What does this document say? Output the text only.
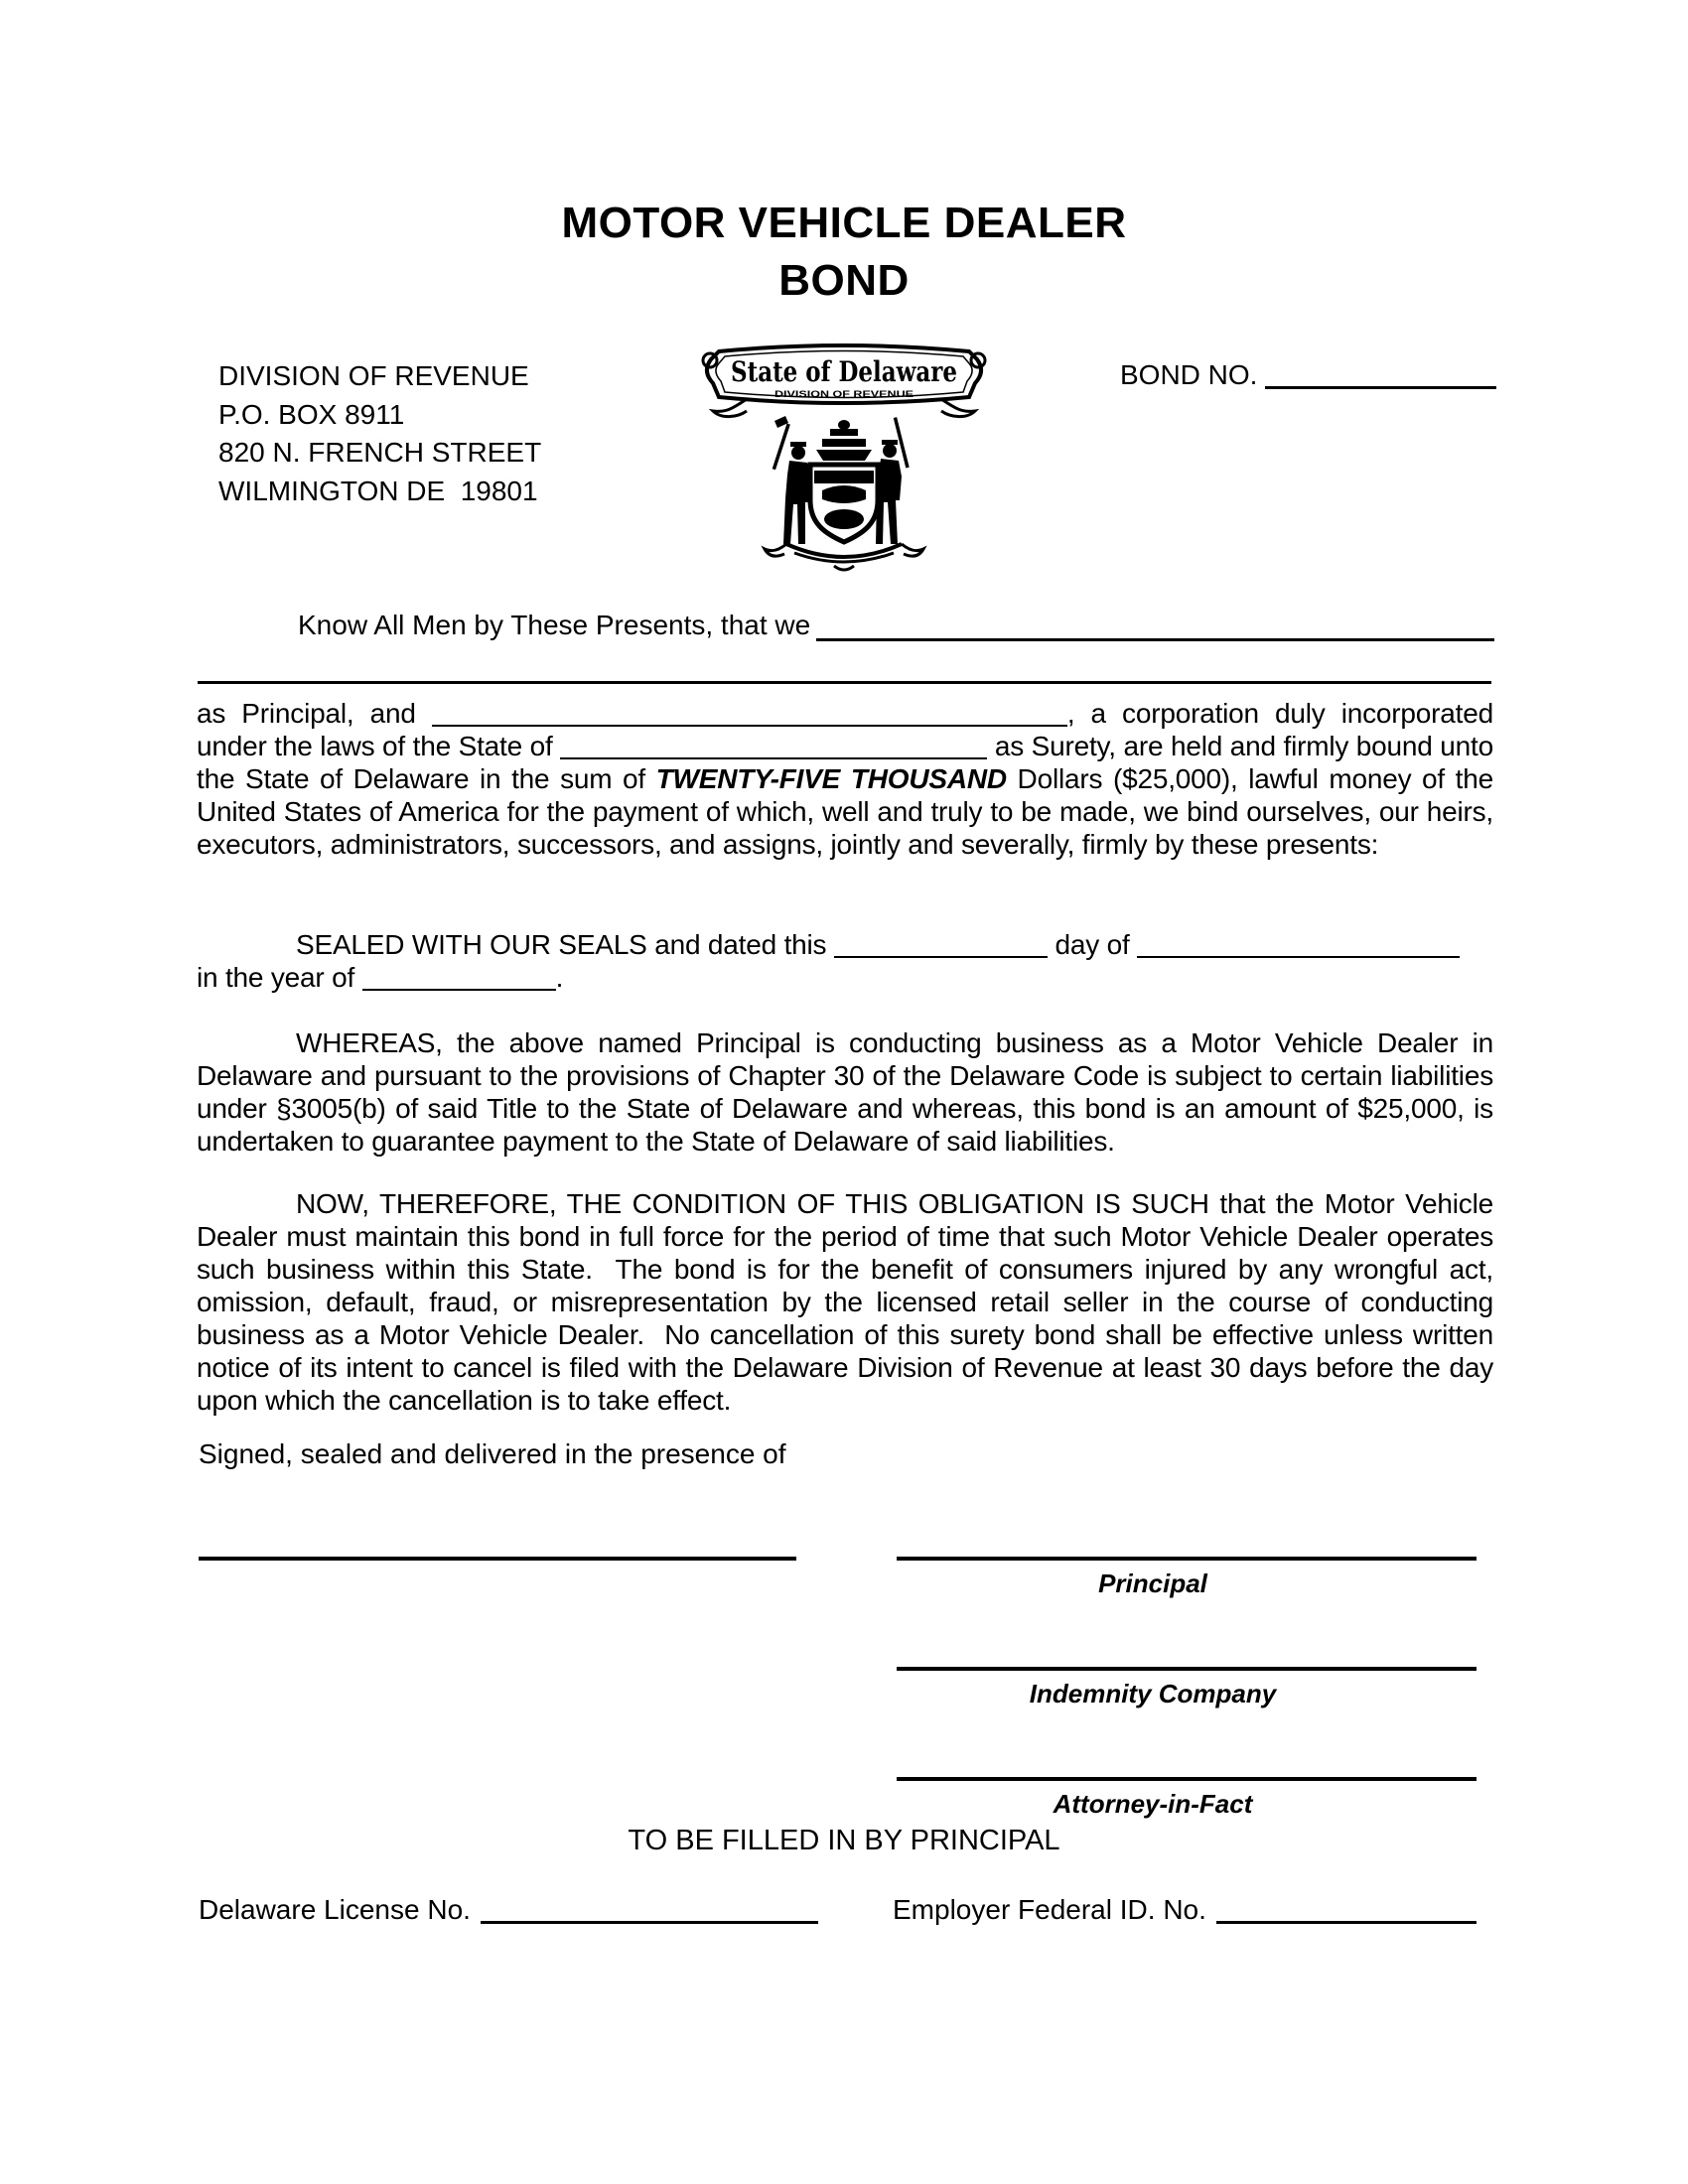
MOTOR VEHICLE DEALER
BOND
DIVISION OF REVENUE
P.O. BOX 8911
820 N. FRENCH STREET
WILMINGTON DE  19801
State of Delaware
DIVISION OF REVENUE
BOND NO.
Know All Men by These Presents, that we
as Principal, and	, a corporation duly incorporated under the laws of the State of	as Surety, are held and firmly bound unto the State of Delaware in the sum of TWENTY-FIVE THOUSAND Dollars ($25,000), lawful money of the United States of America for the payment of which, well and truly to be made, we bind ourselves, our heirs, executors, administrators, successors, and assigns, jointly and severally, firmly by these presents:
SEALED WITH OUR SEALS and dated this	day of
in the year of	.
WHEREAS, the above named Principal is conducting business as a Motor Vehicle Dealer in Delaware and pursuant to the provisions of Chapter 30 of the Delaware Code is subject to certain liabilities under §3005(b) of said Title to the State of Delaware and whereas, this bond is an amount of $25,000, is undertaken to guarantee payment to the State of Delaware of said liabilities.
NOW, THEREFORE, THE CONDITION OF THIS OBLIGATION IS SUCH that the Motor Vehicle Dealer must maintain this bond in full force for the period of time that such Motor Vehicle Dealer operates such business within this State.  The bond is for the benefit of consumers injured by any wrongful act, omission, default, fraud, or misrepresentation by the licensed retail seller in the course of conducting business as a Motor Vehicle Dealer.  No cancellation of this surety bond shall be effective unless written notice of its intent to cancel is filed with the Delaware Division of Revenue at least 30 days before the day upon which the cancellation is to take effect.
Signed, sealed and delivered in the presence of
Principal
Indemnity Company
Attorney-in-Fact
TO BE FILLED IN BY PRINCIPAL
Delaware License No.	Employer Federal ID. No.
